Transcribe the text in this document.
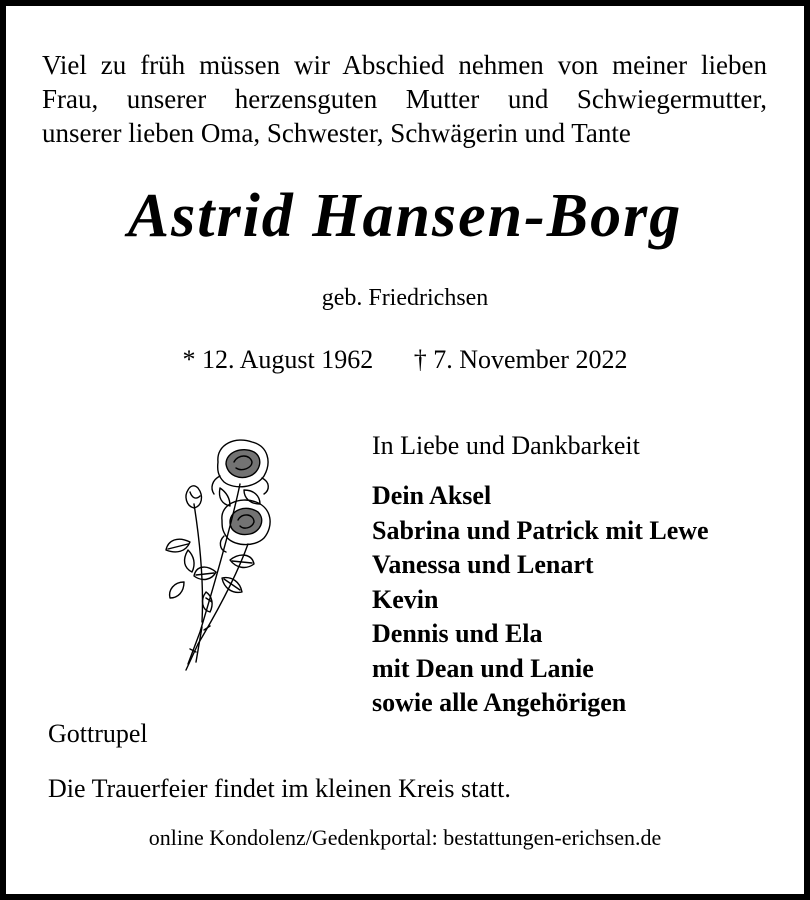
Viel zu früh müssen wir Abschied nehmen von meiner lieben
Frau, unserer herzensguten Mutter und Schwiegermutter,
unserer lieben Oma, Schwester, Schwägerin und Tante
Astrid Hansen-Borg
geb. Friedrichsen
* 12. August 1962 † 7. November 2022
In Liebe und Dankbarkeit
Dein Aksel
Sabrina und Patrick mit Lewe
Vanessa und Lenart
Kevin
Dennis und Ela
mit Dean und Lanie
sowie alle Angehörigen
Gottrupel
Die Trauerfeier findet im kleinen Kreis statt.
online Kondolenz/Gedenkportal: bestattungen-erichsen.de
